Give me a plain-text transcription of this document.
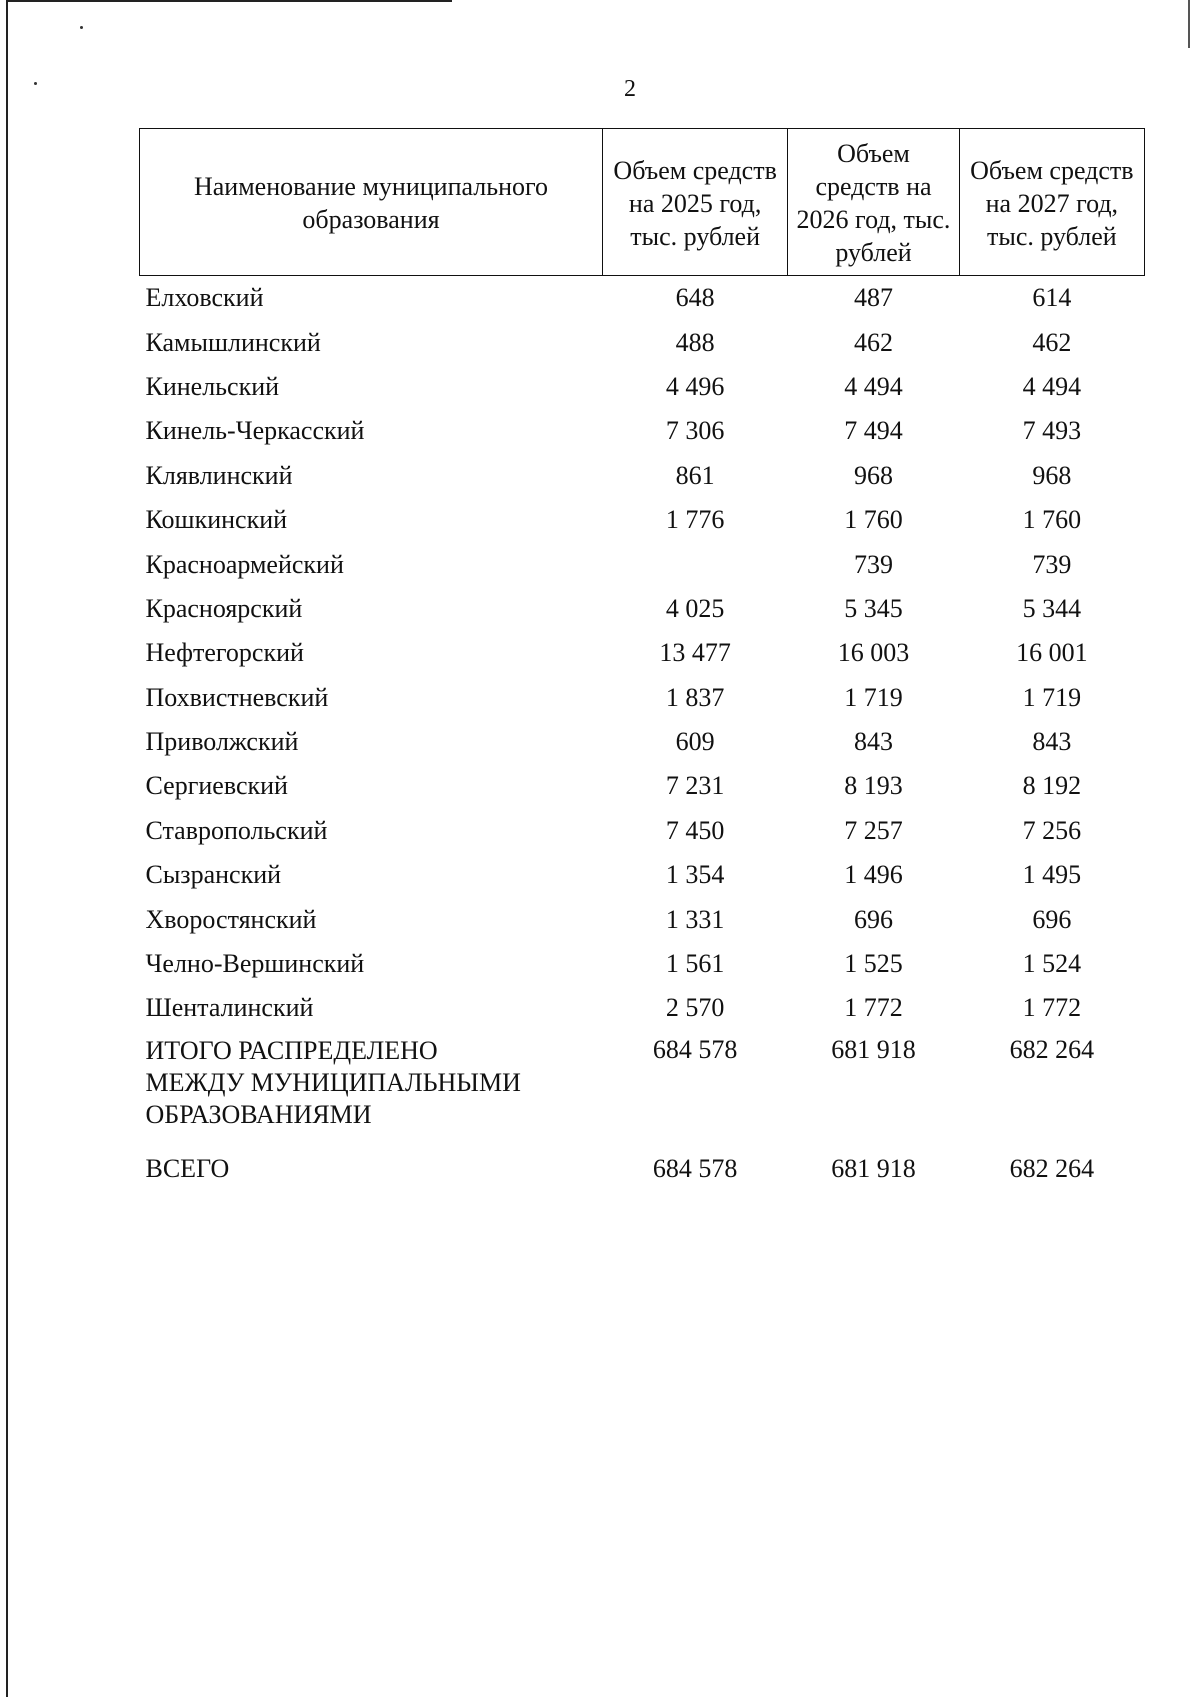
2
Наименование муниципального образования	Объем средств на 2025 год, тыс. рублей	Объем средств на 2026 год, тыс. рублей	Объем средств на 2027 год, тыс. рублей
Елховский	648	487	614
Камышлинский	488	462	462
Кинельский	4 496	4 494	4 494
Кинель-Черкасский	7 306	7 494	7 493
Клявлинский	861	968	968
Кошкинский	1 776	1 760	1 760
Красноармейский		739	739
Красноярский	4 025	5 345	5 344
Нефтегорский	13 477	16 003	16 001
Похвистневский	1 837	1 719	1 719
Приволжский	609	843	843
Сергиевский	7 231	8 193	8 192
Ставропольский	7 450	7 257	7 256
Сызранский	1 354	1 496	1 495
Хворостянский	1 331	696	696
Челно-Вершинский	1 561	1 525	1 524
Шенталинский	2 570	1 772	1 772
ИТОГО РАСПРЕДЕЛЕНО МЕЖДУ МУНИЦИПАЛЬНЫМИ ОБРАЗОВАНИЯМИ	684 578	681 918	682 264
ВСЕГО	684 578	681 918	682 264
